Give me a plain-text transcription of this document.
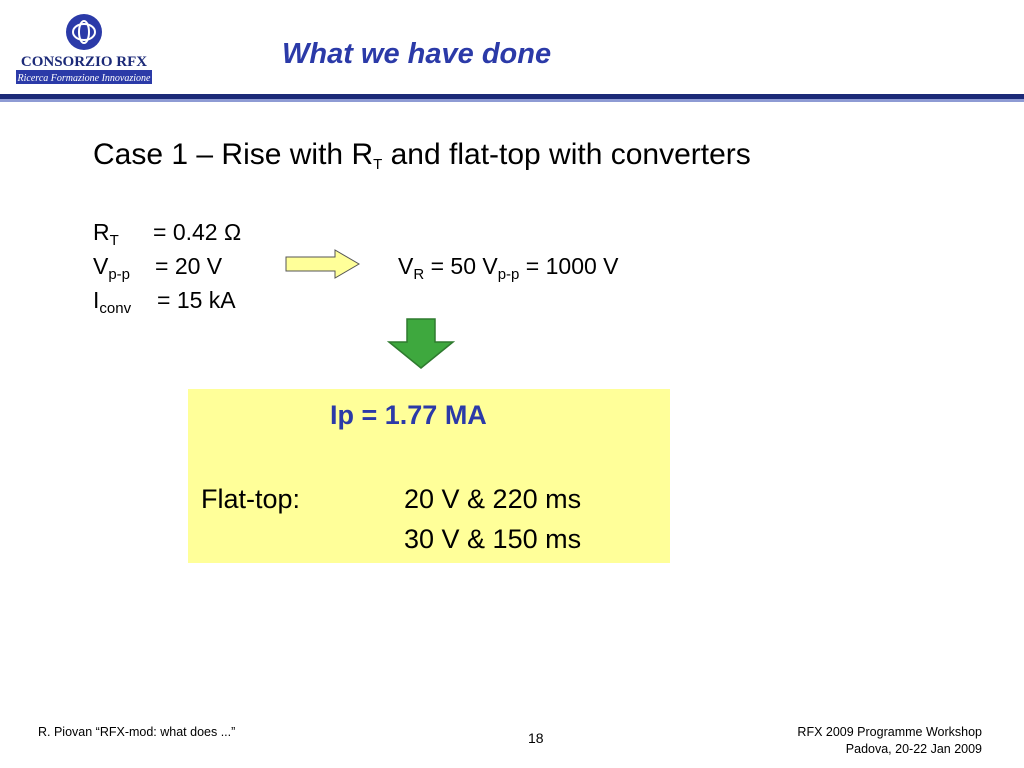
CONSORZIO RFX
Ricerca Formazione Innovazione
What we have done
Case 1 – Rise with $R_T$ and flat-top with converters
$R_T = 0.42$ Ω
$V_{p-p} = 20$ V
$I_{conv} = 15$ kA
$V_R = 50$ $V_{p-p} = 1000$ V
Ip = 1.77 MA
Flat-top:	20 V & 220 ms
30 V & 150 ms
R. Piovan “RFX-mod: what does ...”	18	RFX 2009 Programme Workshop
Padova, 20-22 Jan 2009
